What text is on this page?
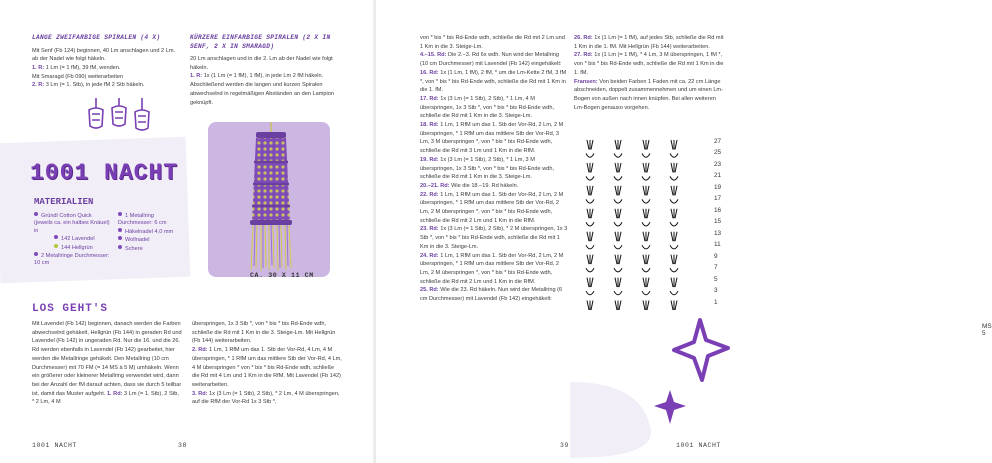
LANGE ZWEIFARBIGE SPIRALEN (4 X)
Mit Senf (Fb 124) beginnen, 40 Lm anschlagen und 2 Lm. ab der Nadel wie folgt häkeln.
1. R: 1 Lm (= 1 fM), 39 fM, wenden.
Mit Smaragd (Fb 090) weiterarbeiten
2. R: 3 Lm (= 1. Stb), in jede fM 2 Stb häkeln.
KÜRZERE EINFARBIGE SPIRALEN (2 X IN SENF, 2 X IN SMARAGD)
20 Lm anschlagen und in die 2. Lm ab der Nadel wie folgt häkeln.
1. R: 1x (1 Lm (= 1 fM), 1 fM), in jede Lm 2 fM häkeln. Abschließend werden die langen und kurzen Spiralen abwechselnd in regelmäßigen Abständen an den Lampion geknüpft.
1001 NACHT
MATERIALIEN
Gründl Cotton Quick (jeweils ca. ein halbes Knäuel) in
142 Lavendel
144 Hellgrün
2 Metallringe Durchmesser: 10 cm
1 Metallring Durchmesser: 6 cm
Häkelnadel 4,0 mm
Wollnadel
Schere
CA. 30 X 11 CM
LOS GEHT'S
Mit Lavendel (Fb 142) beginnen, danach werden die Farben abwechselnd gehäkelt, Hellgrün (Fb 144) in geraden Rd und Lavendel (Fb 142) in ungeraden Rd. Nur die 16. und die 26. Rd werden ebenfalls in Lavendel (Fb 142) gearbeitet, hier werden die Metallringe gehäkelt. Den Metallring (10 cm Durchmesser) mit 70 FM (= 14 MS à 5 M) umhäkeln. Wenn ein größerer oder kleinerer Metallring verwendet wird, dann bei der Anzahl der fM darauf achten, dass sie durch 5 teilbar ist, damit das Muster aufgeht. 1. Rd: 3 Lm (= 1. Stb), 2 Stb, * 2 Lm, 4 M
überspringen, 1x 3 Stb *, von * bis * bis Rd-Ende wdh, schließe die Rd mit 1 Km in die 3. Steige-Lm. Mit Hellgrün (Fb 144) weiterarbeiten.
2. Rd: 1 Lm, 1 RfM um das 1. Stb der Vor-Rd, 4 Lm, 4 M überspringen, * 1 RfM um das mittlere Stb der Vor-Rd, 4 Lm, 4 M überspringen * von * bis * bis Rd-Ende wdh, schließe die Rd mit 4 Lm und 1 Km in die RfM. Mit Lavendel (Fb 142) weiterarbeiten.
3. Rd: 1x (3 Lm (= 1 Stb), 2 Stb), * 2 Lm, 4 M überspringen, auf die RfM der Vor-Rd 1x 3 Stb *,
1001 NACHT	38
von * bis * bis Rd-Ende wdh, schließe die Rd mit 2 Lm und 1 Km in die 3. Steige-Lm.
4.–15. Rd: Die 2.–3. Rd 6x wdh. Nun wird der Metallring (10 cm Durchmesser) mit Lavendel (Fb 142) eingehäkelt:
16. Rd: 1x (1 Lm, 1 fM), 2 fM, * um die Lm-Kette 2 fM, 3 fM *, von * bis * bis Rd-Ende wdh, schließe die Rd mit 1 Km in die 1. fM.
17. Rd: 1x (3 Lm (= 1 Stb), 2 Stb), * 1 Lm, 4 M überspringen, 1x 3 Stb *, von * bis * bis Rd-Ende wdh, schließe die Rd mit 1 Km in die 3. Steige-Lm.
18. Rd: 1 Lm, 1 RfM um das 1. Stb der Vor-Rd, 2 Lm, 2 M überspringen, * 1 RfM um das mittlere Stb der Vor-Rd, 3 Lm, 3 M überspringen *, von * bis * bis Rd-Ende wdh, schließe die Rd mit 3 Lm und 1 Km in die RfM.
19. Rd: 1x (3 Lm (= 1 Stb), 2 Stb), * 1 Lm, 3 M überspringen, 1x 3 Stb *, von * bis * bis Rd-Ende wdh, schließe die Rd mit 1 Km in die 3. Steige-Lm.
20.–21. Rd: Wie die 18.–19. Rd häkeln.
22. Rd: 1 Lm, 1 RfM um das 1. Stb der Vor-Rd, 2 Lm, 2 M überspringen, * 1 RfM um das mittlere Stb der Vor-Rd, 2 Lm, 2 M überspringen *, von * bis * bis Rd-Ende wdh, schließe die Rd mit 2 Lm und 1 Km in die RfM.
23. Rd: 1x (3 Lm (= 1 Stb), 2 Stb), * 2 M überspringen, 1x 3 Stb *, von * bis * bis Rd-Ende wdh, schließe die Rd mit 1 Km in die 3. Steige-Lm.
24. Rd: 1 Lm, 1 RfM um das 1. Stb der Vor-Rd, 2 Lm, 2 M überspringen, * 1 RfM um das mittlere Stb der Vor-Rd, 2 Lm, 2 M überspringen *, von * bis * bis Rd-Ende wdh, schließe die Rd mit 2 Lm und 1 Km in die RfM.
25. Rd: Wie die 23. Rd häkeln. Nun wird der Metallring (6 cm Durchmesser) mit Lavendel (Fb 142) eingehäkelt:
26. Rd: 1x (1 Lm (= 1 fM), auf jedes Stb, schließe die Rd mit 1 Km in die 1. fM. Mit Hellgrün (Fb 144) weiterarbeiten.
27. Rd: 1x (1 Lm (= 1 fM), * 4 Lm, 3 M überspringen, 1 fM *, von * bis * bis Rd-Ende wdh, schließe die Rd mit 1 Km in die 1. fM.
Fransen: Von beiden Farben 1 Faden mit ca. 22 cm Länge abschneiden, doppelt zusammennehmen und um einen Lm-Bogen von außen nach innen knüpfen. Bei allen weiteren Lm-Bogen genauso vorgehen.
27
25
23
21
19
17
16
15
13
11
9
7
5
3
1
MS 5
39	1001 NACHT
